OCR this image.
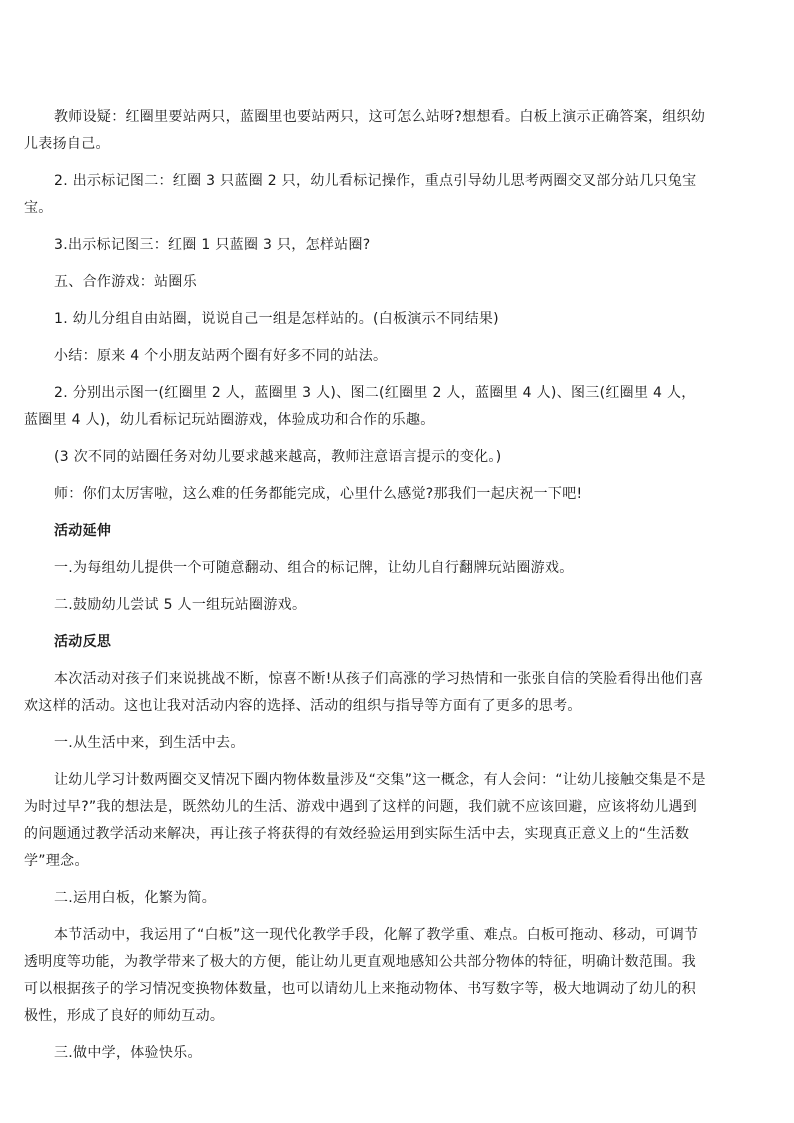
教师设疑：红圈里要站两只，蓝圈里也要站两只，这可怎么站呀?想想看。白板上演示正确答案，组织幼儿表扬自己。

2. 出示标记图二：红圈 3 只蓝圈 2 只，幼儿看标记操作，重点引导幼儿思考两圈交叉部分站几只兔宝宝。

3.出示标记图三：红圈 1 只蓝圈 3 只，怎样站圈?

五、合作游戏：站圈乐

1. 幼儿分组自由站圈，说说自己一组是怎样站的。(白板演示不同结果)

小结：原来 4 个小朋友站两个圈有好多不同的站法。

2. 分别出示图一(红圈里 2 人，蓝圈里 3 人)、图二(红圈里 2 人，蓝圈里 4 人)、图三(红圈里 4 人，蓝圈里 4 人)，幼儿看标记玩站圈游戏，体验成功和合作的乐趣。

(3 次不同的站圈任务对幼儿要求越来越高，教师注意语言提示的变化。)

师：你们太厉害啦，这么难的任务都能完成，心里什么感觉?那我们一起庆祝一下吧!

活动延伸

一.为每组幼儿提供一个可随意翻动、组合的标记牌，让幼儿自行翻牌玩站圈游戏。

二.鼓励幼儿尝试 5 人一组玩站圈游戏。

活动反思

本次活动对孩子们来说挑战不断，惊喜不断!从孩子们高涨的学习热情和一张张自信的笑脸看得出他们喜欢这样的活动。这也让我对活动内容的选择、活动的组织与指导等方面有了更多的思考。

一.从生活中来，到生活中去。

让幼儿学习计数两圈交叉情况下圈内物体数量涉及“交集”这一概念，有人会问：“让幼儿接触交集是不是为时过早?”我的想法是，既然幼儿的生活、游戏中遇到了这样的问题，我们就不应该回避，应该将幼儿遇到的问题通过教学活动来解决，再让孩子将获得的有效经验运用到实际生活中去，实现真正意义上的“生活数学”理念。

二.运用白板，化繁为简。

本节活动中，我运用了“白板”这一现代化教学手段，化解了教学重、难点。白板可拖动、移动，可调节透明度等功能，为教学带来了极大的方便，能让幼儿更直观地感知公共部分物体的特征，明确计数范围。我可以根据孩子的学习情况变换物体数量，也可以请幼儿上来拖动物体、书写数字等，极大地调动了幼儿的积极性，形成了良好的师幼互动。

三.做中学，体验快乐。
